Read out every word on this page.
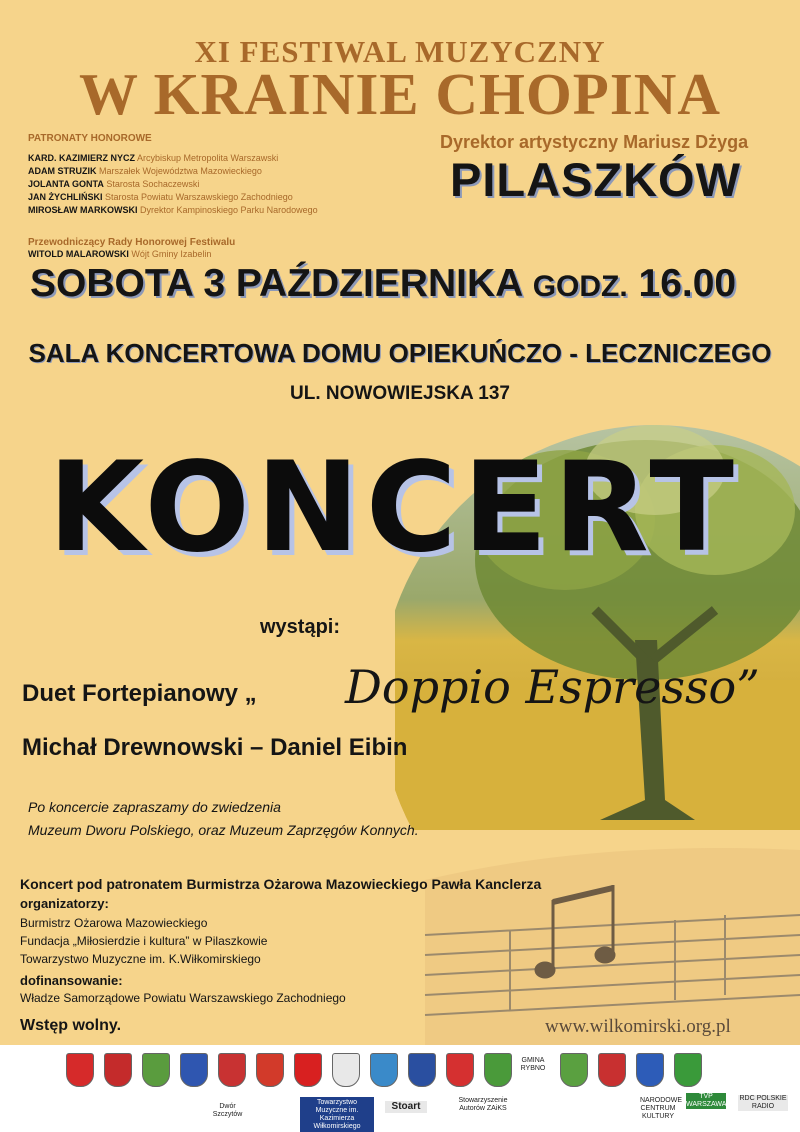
XI FESTIWAL MUZYCZNY
W KRAINIE CHOPINA
Dyrektor artystyczny Mariusz Dżyga
PILASZKÓW
PATRONATY HONOROWE
KARD. KAZIMIERZ NYCZ Arcybiskup Metropolita Warszawski
ADAM STRUZIK Marszałek Województwa Mazowieckiego
JOLANTA GONTA Starosta Sochaczewski
JAN ŻYCHLIŃSKI Starosta Powiatu Warszawskiego Zachodniego
MIROSŁAW MARKOWSKI Dyrektor Kampinoskiego Parku Narodowego
Przewodniczący Rady Honorowej Festiwalu
WITOLD MALAROWSKI Wójt Gminy Izabelin
SOBOTA 3 PAŹDZIERNIKA GODZ. 16.00
SALA KONCERTOWA DOMU OPIEKUŃCZO - LECZNICZEGO
UL. NOWOWIEJSKA 137
KONCERT
wystąpi:
Duet Fortepianowy „ Doppio Espresso”
Michał Drewnowski – Daniel Eibin
Po koncercie zapraszamy do zwiedzenia
Muzeum Dworu Polskiego, oraz Muzeum Zaprzęgów Konnych.
Koncert pod patronatem Burmistrza Ożarowa Mazowieckiego Pawła Kanclerza
organizatorzy:
Burmistrz Ożarowa Mazowieckiego
Fundacja „Miłosierdzie i kultura” w Pilaszkowie
Towarzystwo Muzyczne im. K.Wiłkomirskiego
dofinansowanie:
Władze Samorządowe Powiatu Warszawskiego Zachodniego
Wstęp wolny.	www.wilkomirski.org.pl
GMINA RYBNO
Dwór Szczytów
Towarzystwo Muzyczne im. Kazimierza Wiłkomirskiego
Stoart
Stowarzyszenie Autorów ZAiKS
NARODOWE CENTRUM KULTURY
TVP WARSZAWA
RDC POLSKIE RADIO
